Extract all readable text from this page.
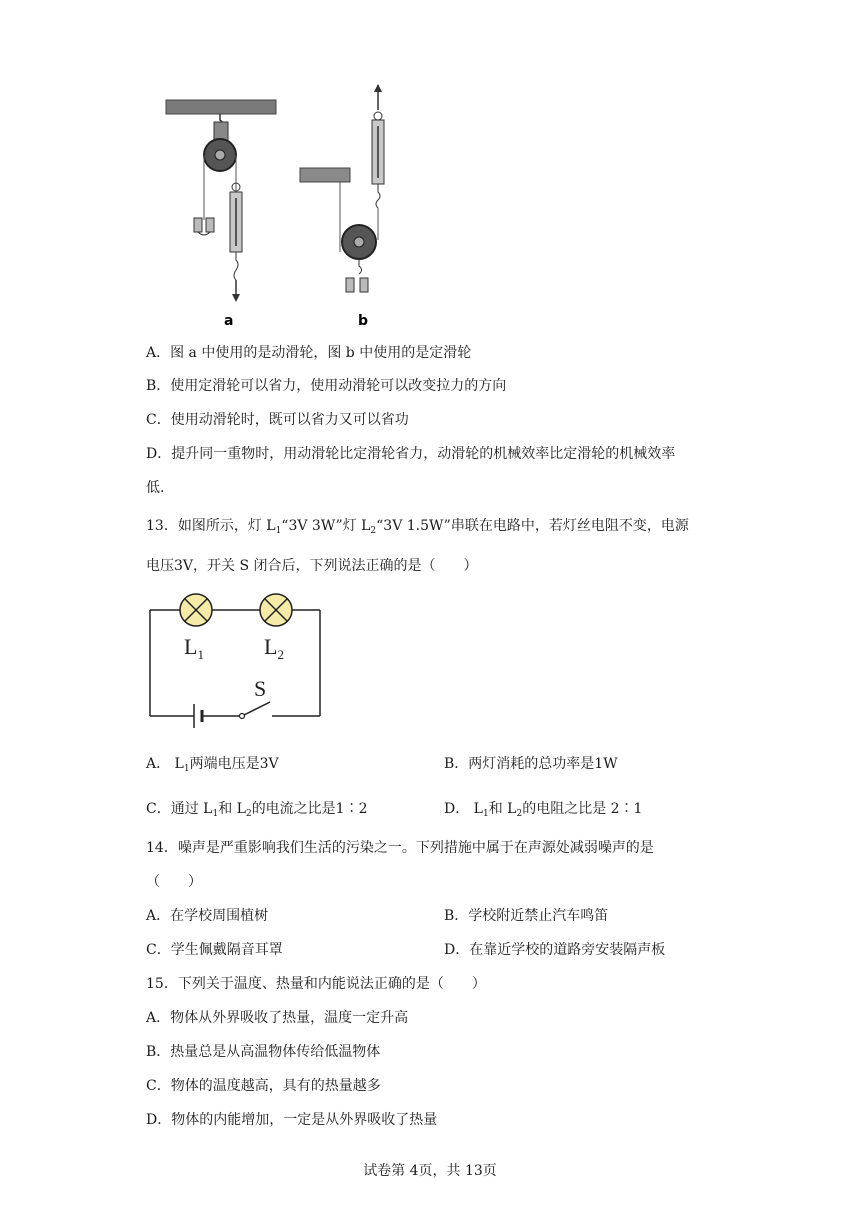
a	b
A．图 a 中使用的是动滑轮，图 b 中使用的是定滑轮
B．使用定滑轮可以省力，使用动滑轮可以改变拉力的方向
C．使用动滑轮时，既可以省力又可以省功
D．提升同一重物时，用动滑轮比定滑轮省力，动滑轮的机械效率比定滑轮的机械效率
低.
13．如图所示，灯 $L_1“3V$ 3W”灯 $L_2“3V$ 1.5W”串联在电路中，若灯丝电阻不变，电源
电压3V，开关 S 闭合后，下列说法正确的是（　　）
$L_1$	$L_2$
S
A． $L_1$两端电压是3V	B．两灯消耗的总功率是1W
C．通过 $L_1$和 $L_2$的电流之比是1∶2	D． $L_1$和 $L_2$的电阻之比是 2∶1
14．噪声是严重影响我们生活的污染之一。下列措施中属于在声源处减弱噪声的是
（　　）
A．在学校周围植树	B．学校附近禁止汽车鸣笛
C．学生佩戴隔音耳罩	D．在靠近学校的道路旁安装隔声板
15．下列关于温度、热量和内能说法正确的是（　　）
A．物体从外界吸收了热量，温度一定升高
B．热量总是从高温物体传给低温物体
C．物体的温度越高，具有的热量越多
D．物体的内能增加，一定是从外界吸收了热量
试卷第 4页，共 13页
